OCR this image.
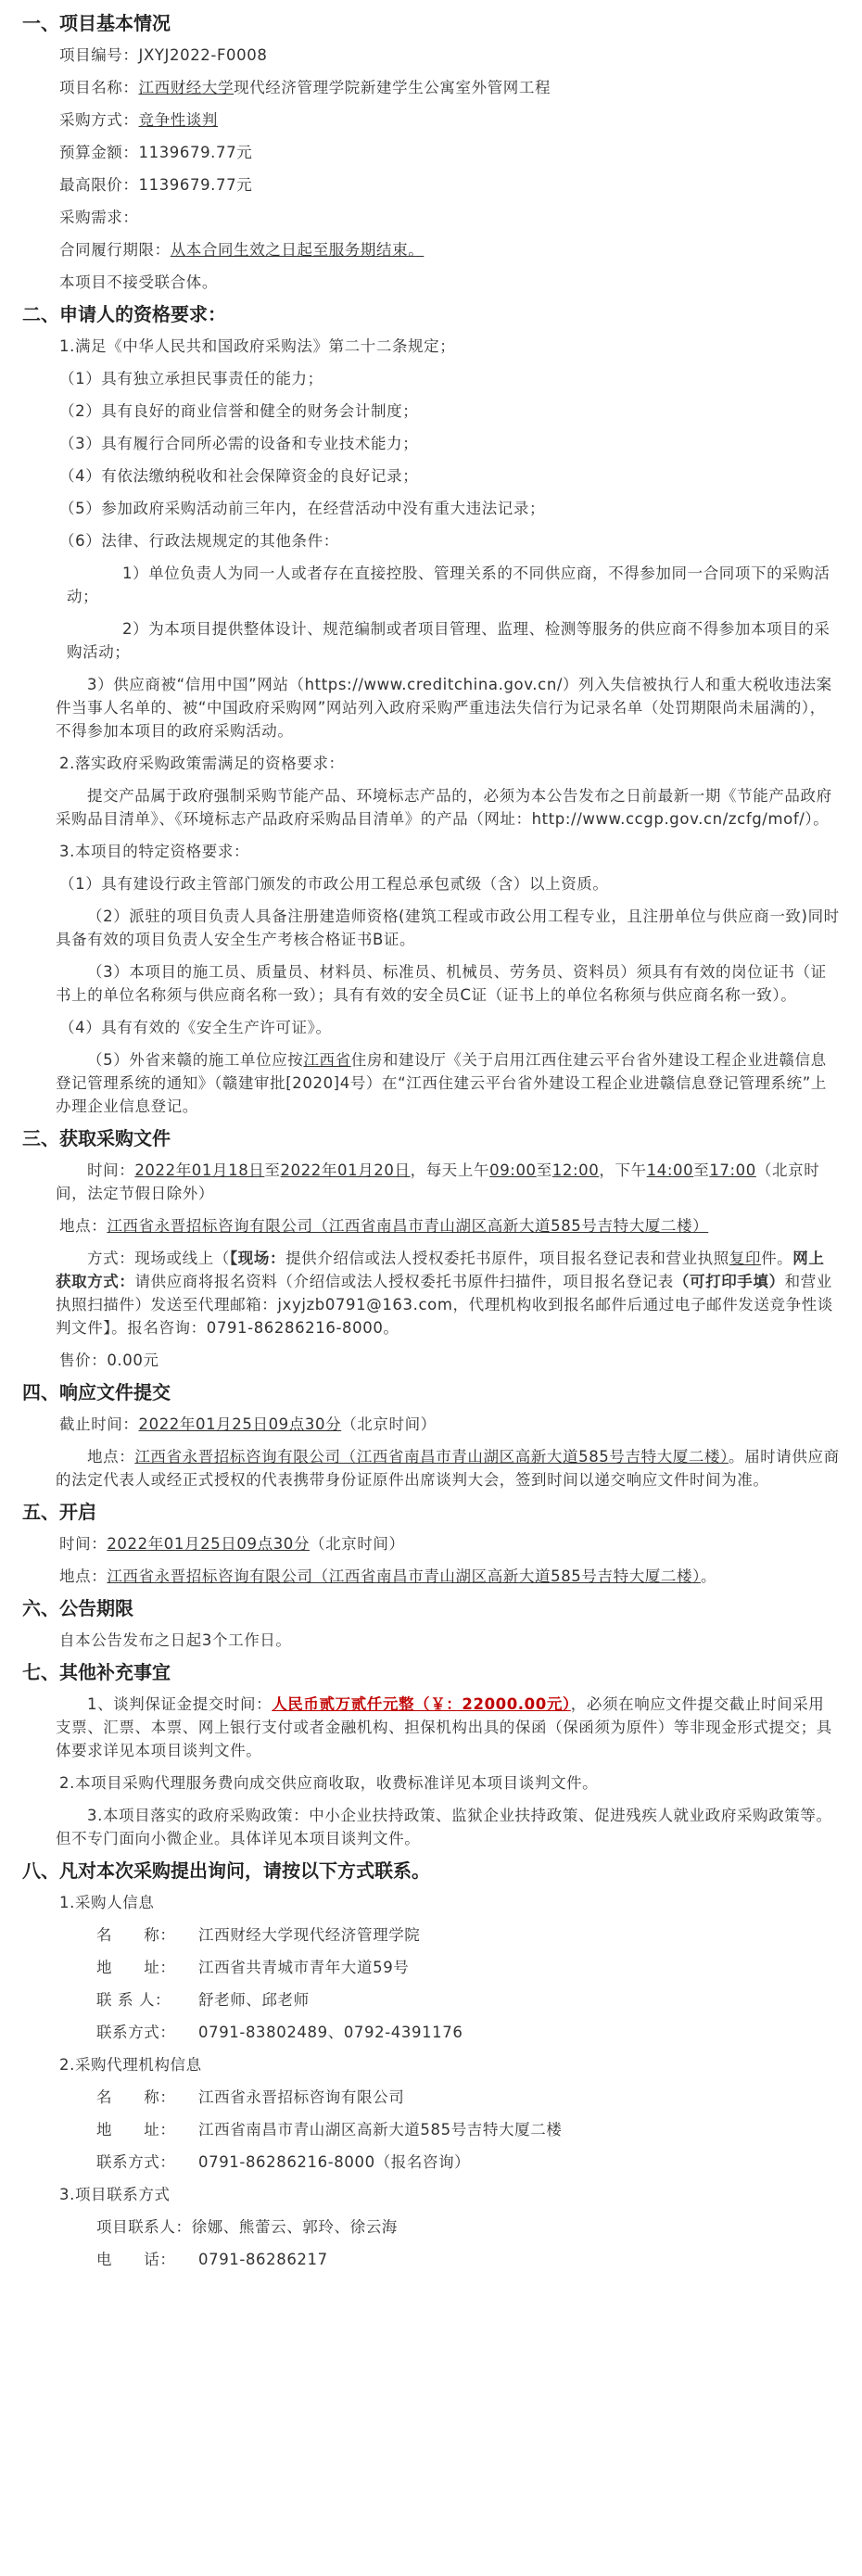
一、项目基本情况
项目编号：JXYJ2022-F0008
项目名称：江西财经大学现代经济管理学院新建学生公寓室外管网工程
采购方式：竞争性谈判
预算金额：1139679.77元
最高限价：1139679.77元
采购需求：
合同履行期限：从本合同生效之日起至服务期结束。
本项目不接受联合体。
二、申请人的资格要求：
1.满足《中华人民共和国政府采购法》第二十二条规定；
（1）具有独立承担民事责任的能力；
（2）具有良好的商业信誉和健全的财务会计制度；
（3）具有履行合同所必需的设备和专业技术能力；
（4）有依法缴纳税收和社会保障资金的良好记录；
（5）参加政府采购活动前三年内，在经营活动中没有重大违法记录；
（6）法律、行政法规规定的其他条件：
1）单位负责人为同一人或者存在直接控股、管理关系的不同供应商，不得参加同一合同项下的采购活动；
2）为本项目提供整体设计、规范编制或者项目管理、监理、检测等服务的供应商不得参加本项目的采购活动；
3）供应商被“信用中国”网站（https://www.creditchina.gov.cn/）列入失信被执行人和重大税收违法案件当事人名单的、被“中国政府采购网”网站列入政府采购严重违法失信行为记录名单（处罚期限尚未届满的），不得参加本项目的政府采购活动。
2.落实政府采购政策需满足的资格要求：
提交产品属于政府强制采购节能产品、环境标志产品的，必须为本公告发布之日前最新一期《节能产品政府采购品目清单》、《环境标志产品政府采购品目清单》的产品（网址：http://www.ccgp.gov.cn/zcfg/mof/）。
3.本项目的特定资格要求：
（1）具有建设行政主管部门颁发的市政公用工程总承包贰级（含）以上资质。
（2）派驻的项目负责人具备注册建造师资格(建筑工程或市政公用工程专业，且注册单位与供应商一致)同时具备有效的项目负责人安全生产考核合格证书B证。
（3）本项目的施工员、质量员、材料员、标准员、机械员、劳务员、资料员）须具有有效的岗位证书（证书上的单位名称须与供应商名称一致）；具有有效的安全员C证（证书上的单位名称须与供应商名称一致）。
（4）具有有效的《安全生产许可证》。
（5）外省来赣的施工单位应按江西省住房和建设厅《关于启用江西住建云平台省外建设工程企业进赣信息登记管理系统的通知》（赣建审批[2020]4号）在“江西住建云平台省外建设工程企业进赣信息登记管理系统”上办理企业信息登记。
三、获取采购文件
时间：2022年01月18日至2022年01月20日，每天上午09:00至12:00，下午14:00至17:00（北京时间，法定节假日除外）
地点：江西省永晋招标咨询有限公司（江西省南昌市青山湖区高新大道585号吉特大厦二楼）
方式：现场或线上（【现场：提供介绍信或法人授权委托书原件，项目报名登记表和营业执照复印件。网上获取方式：请供应商将报名资料（介绍信或法人授权委托书原件扫描件，项目报名登记表（可打印手填）和营业执照扫描件）发送至代理邮箱：jxyjzb0791@163.com，代理机构收到报名邮件后通过电子邮件发送竞争性谈判文件】。报名咨询：0791-86286216-8000。
售价：0.00元
四、响应文件提交
截止时间：2022年01月25日09点30分（北京时间）
地点：江西省永晋招标咨询有限公司（江西省南昌市青山湖区高新大道585号吉特大厦二楼）。届时请供应商的法定代表人或经正式授权的代表携带身份证原件出席谈判大会，签到时间以递交响应文件时间为准。
五、开启
时间：2022年01月25日09点30分（北京时间）
地点：江西省永晋招标咨询有限公司（江西省南昌市青山湖区高新大道585号吉特大厦二楼）。
六、公告期限
自本公告发布之日起3个工作日。
七、其他补充事宜
1、谈判保证金提交时间：人民币贰万贰仟元整（￥：22000.00元），必须在响应文件提交截止时间采用支票、汇票、本票、网上银行支付或者金融机构、担保机构出具的保函（保函须为原件）等非现金形式提交；具体要求详见本项目谈判文件。
2.本项目采购代理服务费向成交供应商收取，收费标准详见本项目谈判文件。
3.本项目落实的政府采购政策：中小企业扶持政策、监狱企业扶持政策、促进残疾人就业政府采购政策等。但不专门面向小微企业。具体详见本项目谈判文件。
八、凡对本次采购提出询问，请按以下方式联系。
1.采购人信息
名　　称： 江西财经大学现代经济管理学院
地　　址： 江西省共青城市青年大道59号
联 系 人： 舒老师、邱老师
联系方式： 0791-83802489、0792-4391176
2.采购代理机构信息
名　　称： 江西省永晋招标咨询有限公司
地　　址： 江西省南昌市青山湖区高新大道585号吉特大厦二楼
联系方式： 0791-86286216-8000（报名咨询）
3.项目联系方式
项目联系人：徐娜、熊蕾云、郭玲、徐云海
电　　话： 0791-86286217
